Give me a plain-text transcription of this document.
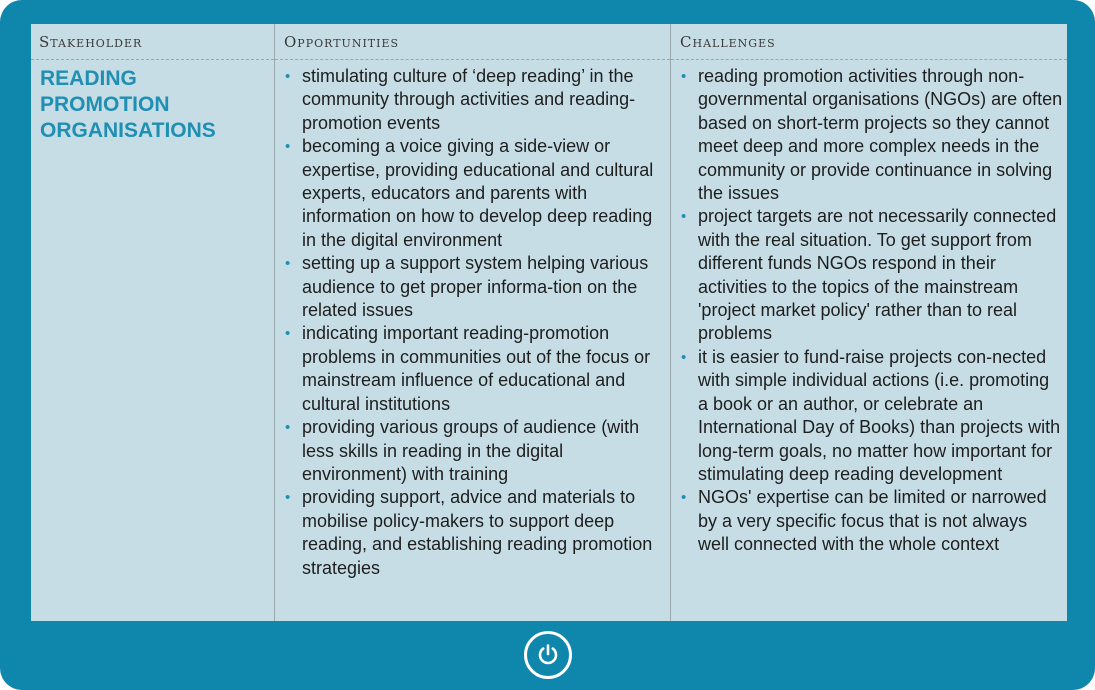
Stakeholder
READING PROMOTION ORGANISATIONS
Opportunities
• stimulating culture of ‘deep reading’ in the community through activities and reading-promotion events
• becoming a voice giving a side-view or expertise, providing educational and cultural experts, educators and parents with information on how to develop deep reading in the digital environment
• setting up a support system helping various audience to get proper informa-tion on the related issues
• indicating important reading-promotion problems in communities out of the focus or mainstream influence of educational and cultural institutions
• providing various groups of audience (with less skills in reading in the digital environment) with training
• providing support, advice and materials to mobilise policy-makers to support deep reading, and establishing reading promotion strategies
Challenges
• reading promotion activities through non-governmental organisations (NGOs) are often based on short-term projects so they cannot meet deep and more complex needs in the community or provide continuance in solving the issues
• project targets are not necessarily connected with the real situation. To get support from different funds NGOs respond in their activities to the topics of the mainstream 'project market policy' rather than to real problems
• it is easier to fund-raise projects con-nected with simple individual actions (i.e. promoting a book or an author, or celebrate an International Day of Books) than projects with long-term goals, no matter how important for stimulating deep reading development
• NGOs' expertise can be limited or narrowed by a very specific focus that is not always well connected with the whole context
